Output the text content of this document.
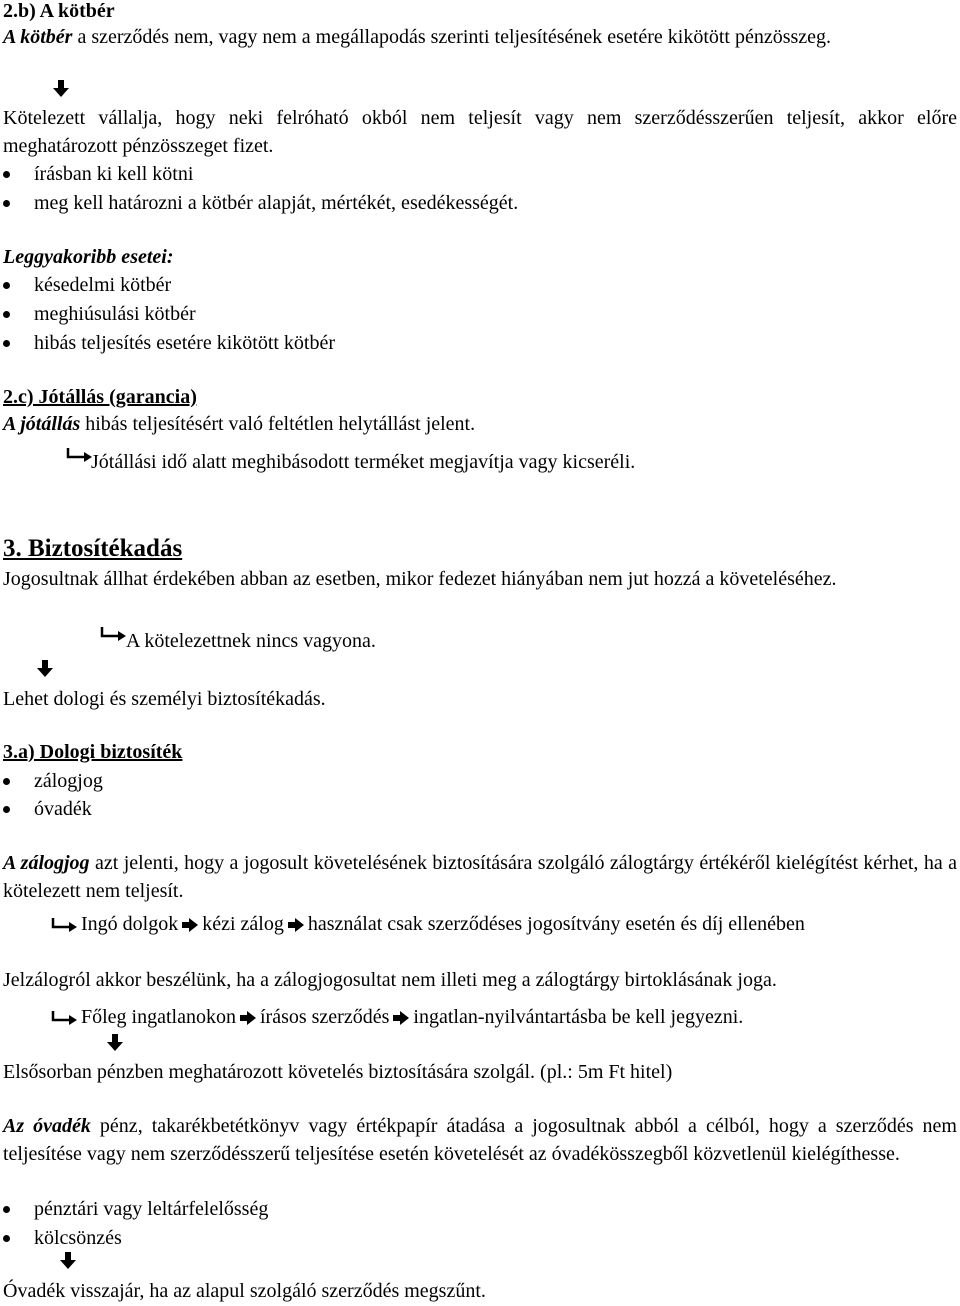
2.b) A kötbér
A kötbér a szerződés nem, vagy nem a megállapodás szerinti teljesítésének esetére kikötött pénzösszeg.
Kötelezett vállalja, hogy neki felróható okból nem teljesít vagy nem szerződésszerűen teljesít, akkor előre meghatározott pénzösszeget fizet.
írásban ki kell kötni
meg kell határozni a kötbér alapját, mértékét, esedékességét.
Leggyakoribb esetei:
késedelmi kötbér
meghiúsulási kötbér
hibás teljesítés esetére kikötött kötbér
2.c) Jótállás (garancia)
A jótállás hibás teljesítésért való feltétlen helytállást jelent.
Jótállási idő alatt meghibásodott terméket megjavítja vagy kicseréli.
3. Biztosítékadás
Jogosultnak állhat érdekében abban az esetben, mikor fedezet hiányában nem jut hozzá a követeléséhez.
A kötelezettnek nincs vagyona.
Lehet dologi és személyi biztosítékadás.
3.a) Dologi biztosíték
zálogjog
óvadék
A zálogjog azt jelenti, hogy a jogosult követelésének biztosítására szolgáló zálogtárgy értékéről kielégítést kérhet, ha a kötelezett nem teljesít.
Ingó dolgok kézi zálog használat csak szerződéses jogosítvány esetén és díj ellenében
Jelzálogról akkor beszélünk, ha a zálogjogosultat nem illeti meg a zálogtárgy birtoklásának joga.
Főleg ingatlanokon írásos szerződés ingatlan-nyilvántartásba be kell jegyezni.
Elsősorban pénzben meghatározott követelés biztosítására szolgál. (pl.: 5m Ft hitel)
Az óvadék pénz, takarékbetétkönyv vagy értékpapír átadása a jogosultnak abból a célból, hogy a szerződés nem teljesítése vagy nem szerződésszerű teljesítése esetén követelését az óvadékösszegből közvetlenül kielégíthesse.
pénztári vagy leltárfelelősség
kölcsönzés
Óvadék visszajár, ha az alapul szolgáló szerződés megszűnt.
